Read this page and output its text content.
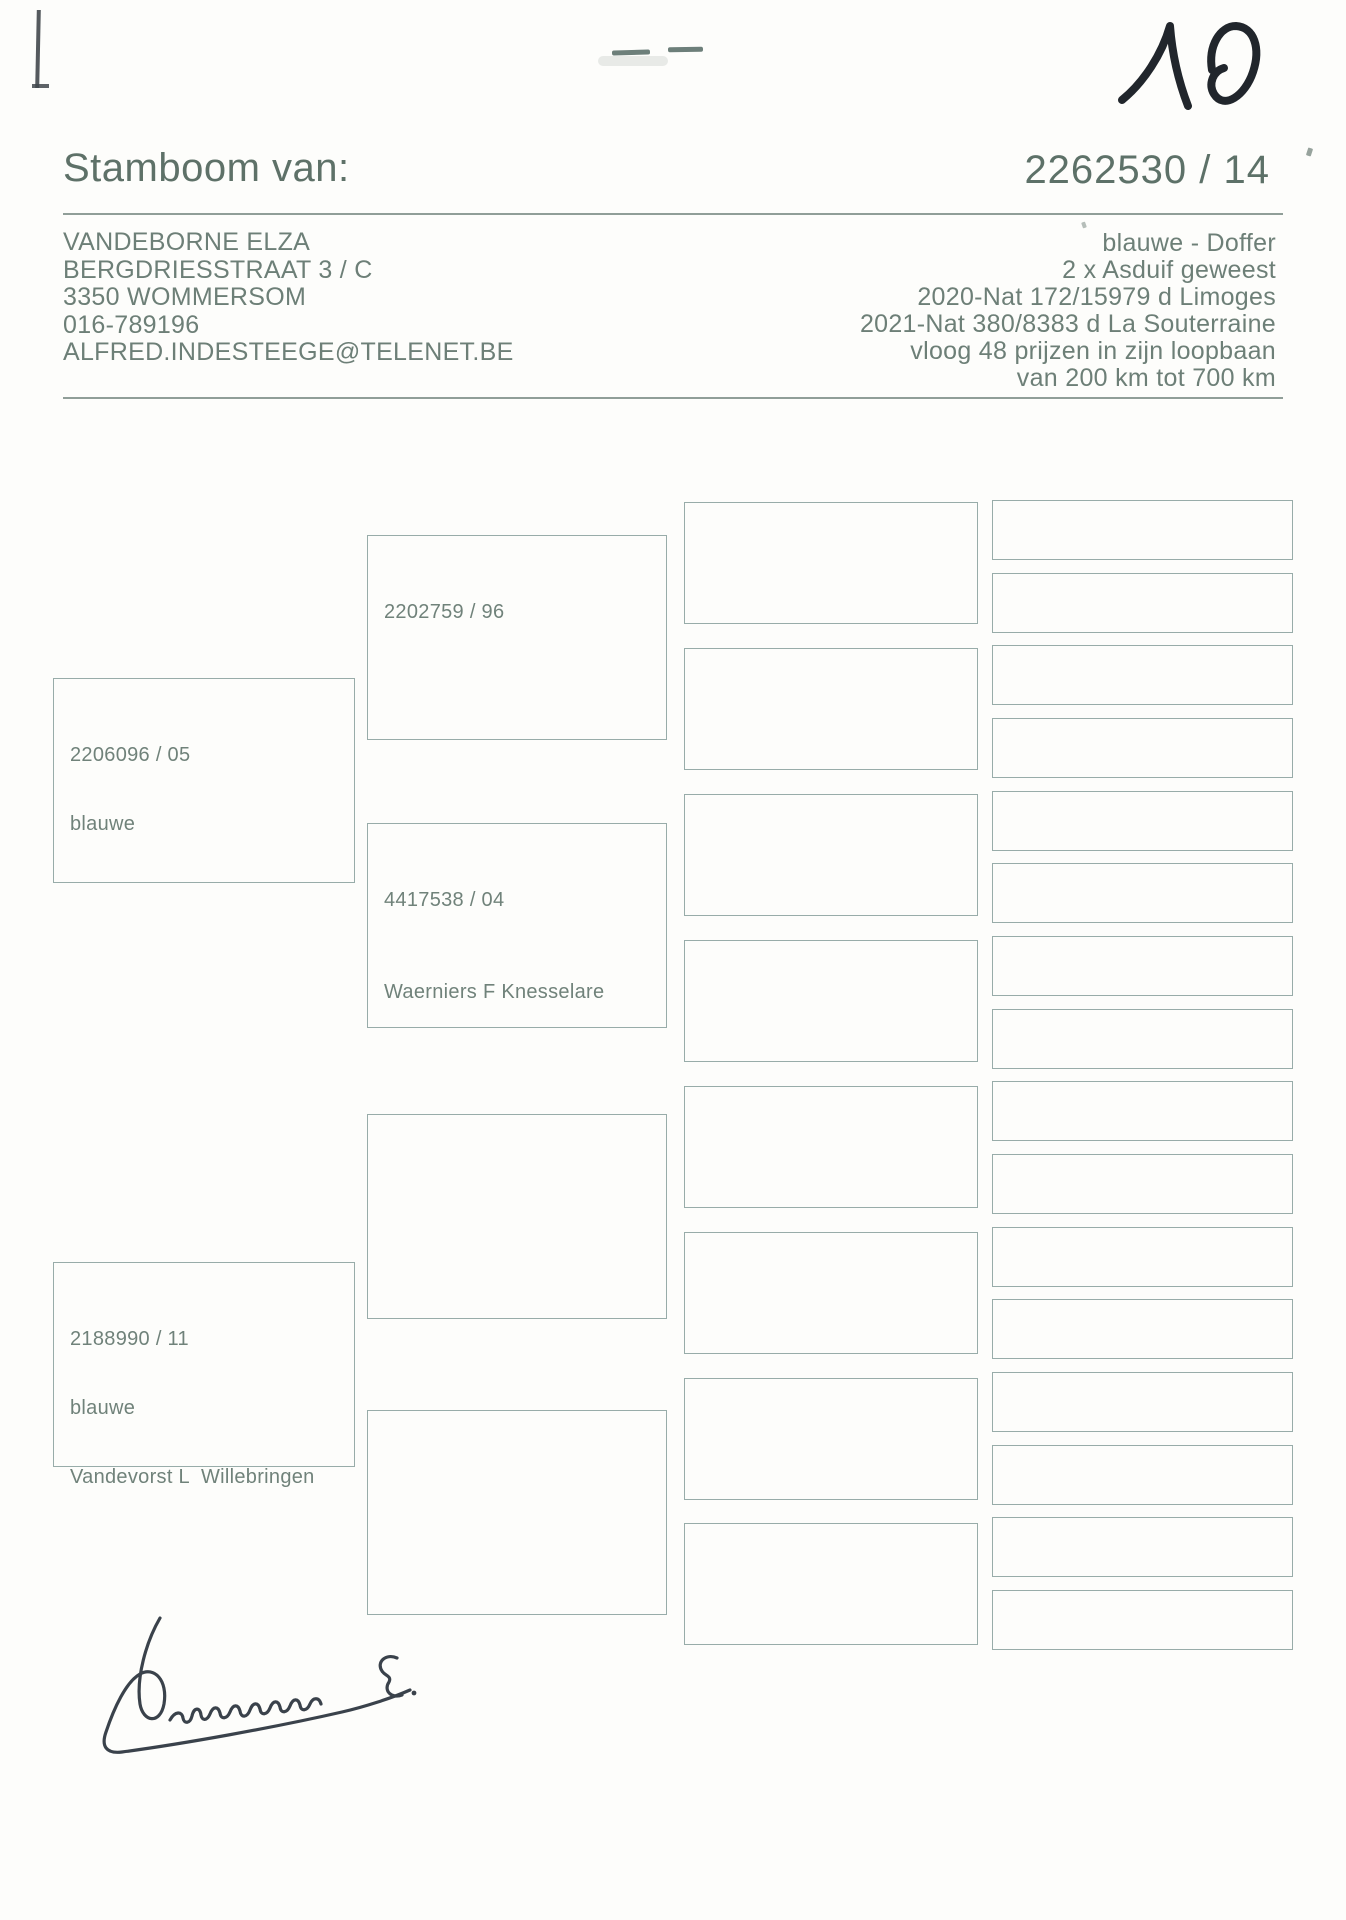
Stamboom van:	2262530 / 14
VANDEBORNE ELZA
BERGDRIESSTRAAT 3 / C
3350 WOMMERSOM
016-789196
ALFRED.INDESTEEGE@TELENET.BE
blauwe - Doffer
2 x Asduif geweest
2020-Nat 172/15979 d Limoges
2021-Nat 380/8383 d La Souterraine
vloog 48 prijzen in zijn loopbaan
van 200 km tot 700 km

2206096 / 05

blauwe

2188990 / 11

blauwe

Vandevorst L  Willebringen

2202759 / 96

4417538 / 04

Waerniers F Knesselare
